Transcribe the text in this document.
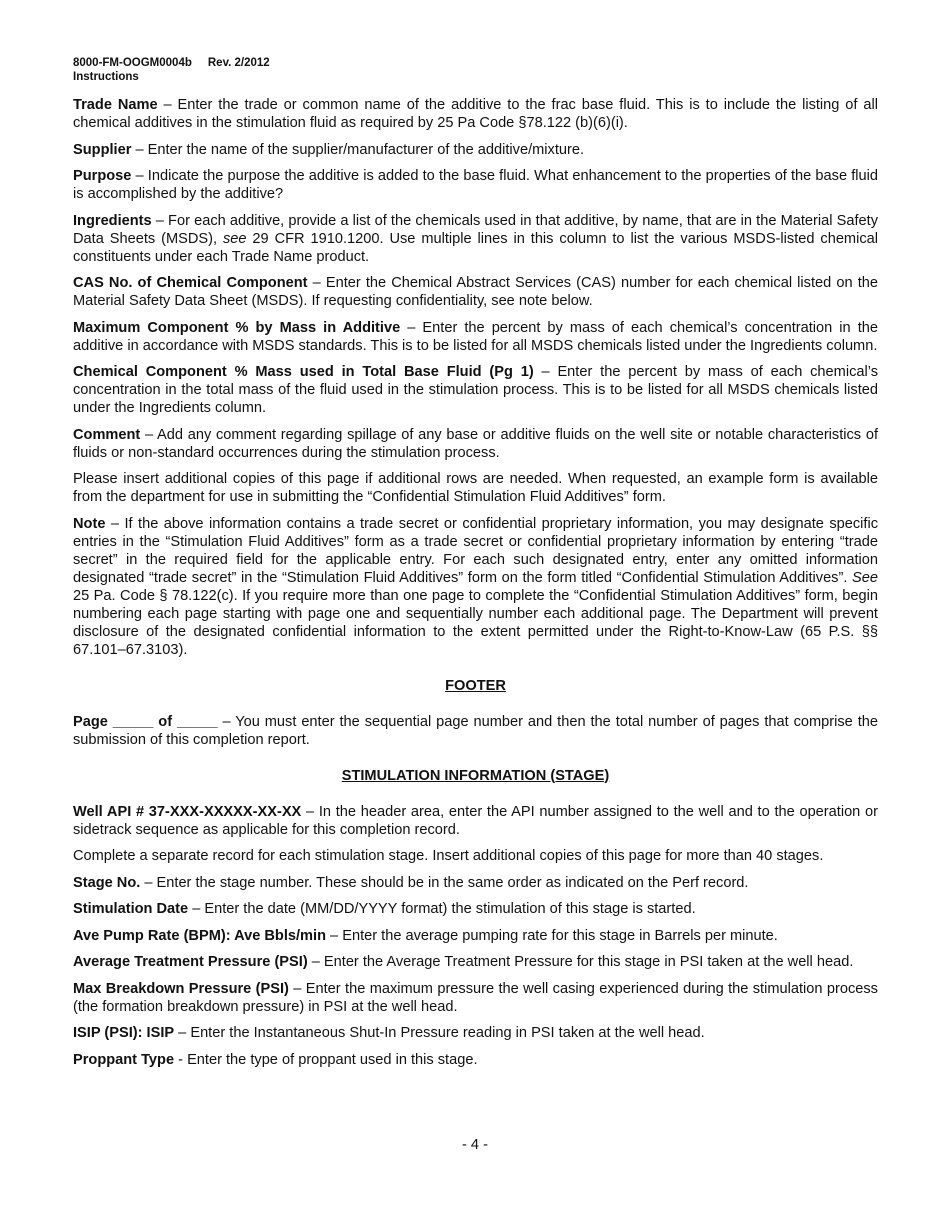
8000-FM-OOGM0004b Rev. 2/2012
Instructions

Trade Name – Enter the trade or common name of the additive to the frac base fluid. This is to include the listing of all chemical additives in the stimulation fluid as required by 25 Pa Code §78.122 (b)(6)(i).

Supplier – Enter the name of the supplier/manufacturer of the additive/mixture.

Purpose – Indicate the purpose the additive is added to the base fluid. What enhancement to the properties of the base fluid is accomplished by the additive?

Ingredients – For each additive, provide a list of the chemicals used in that additive, by name, that are in the Material Safety Data Sheets (MSDS), see 29 CFR 1910.1200. Use multiple lines in this column to list the various MSDS-listed chemical constituents under each Trade Name product.

CAS No. of Chemical Component – Enter the Chemical Abstract Services (CAS) number for each chemical listed on the Material Safety Data Sheet (MSDS). If requesting confidentiality, see note below.

Maximum Component % by Mass in Additive – Enter the percent by mass of each chemical’s concentration in the additive in accordance with MSDS standards. This is to be listed for all MSDS chemicals listed under the Ingredients column.

Chemical Component % Mass used in Total Base Fluid (Pg 1) – Enter the percent by mass of each chemical’s concentration in the total mass of the fluid used in the stimulation process. This is to be listed for all MSDS chemicals listed under the Ingredients column.

Comment – Add any comment regarding spillage of any base or additive fluids on the well site or notable characteristics of fluids or non-standard occurrences during the stimulation process.

Please insert additional copies of this page if additional rows are needed. When requested, an example form is available from the department for use in submitting the “Confidential Stimulation Fluid Additives” form.

Note – If the above information contains a trade secret or confidential proprietary information, you may designate specific entries in the “Stimulation Fluid Additives” form as a trade secret or confidential proprietary information by entering “trade secret” in the required field for the applicable entry. For each such designated entry, enter any omitted information designated “trade secret” in the “Stimulation Fluid Additives” form on the form titled “Confidential Stimulation Additives”. See 25 Pa. Code § 78.122(c). If you require more than one page to complete the “Confidential Stimulation Additives” form, begin numbering each page starting with page one and sequentially number each additional page. The Department will prevent disclosure of the designated confidential information to the extent permitted under the Right-to-Know-Law (65 P.S. §§ 67.101–67.3103).

FOOTER

Page _____ of _____ – You must enter the sequential page number and then the total number of pages that comprise the submission of this completion report.

STIMULATION INFORMATION (STAGE)

Well API # 37-XXX-XXXXX-XX-XX – In the header area, enter the API number assigned to the well and to the operation or sidetrack sequence as applicable for this completion record.

Complete a separate record for each stimulation stage. Insert additional copies of this page for more than 40 stages.

Stage No. – Enter the stage number. These should be in the same order as indicated on the Perf record.

Stimulation Date – Enter the date (MM/DD/YYYY format) the stimulation of this stage is started.

Ave Pump Rate (BPM): Ave Bbls/min – Enter the average pumping rate for this stage in Barrels per minute.

Average Treatment Pressure (PSI) – Enter the Average Treatment Pressure for this stage in PSI taken at the well head.

Max Breakdown Pressure (PSI) – Enter the maximum pressure the well casing experienced during the stimulation process (the formation breakdown pressure) in PSI at the well head.

ISIP (PSI): ISIP – Enter the Instantaneous Shut-In Pressure reading in PSI taken at the well head.

Proppant Type - Enter the type of proppant used in this stage.

- 4 -
